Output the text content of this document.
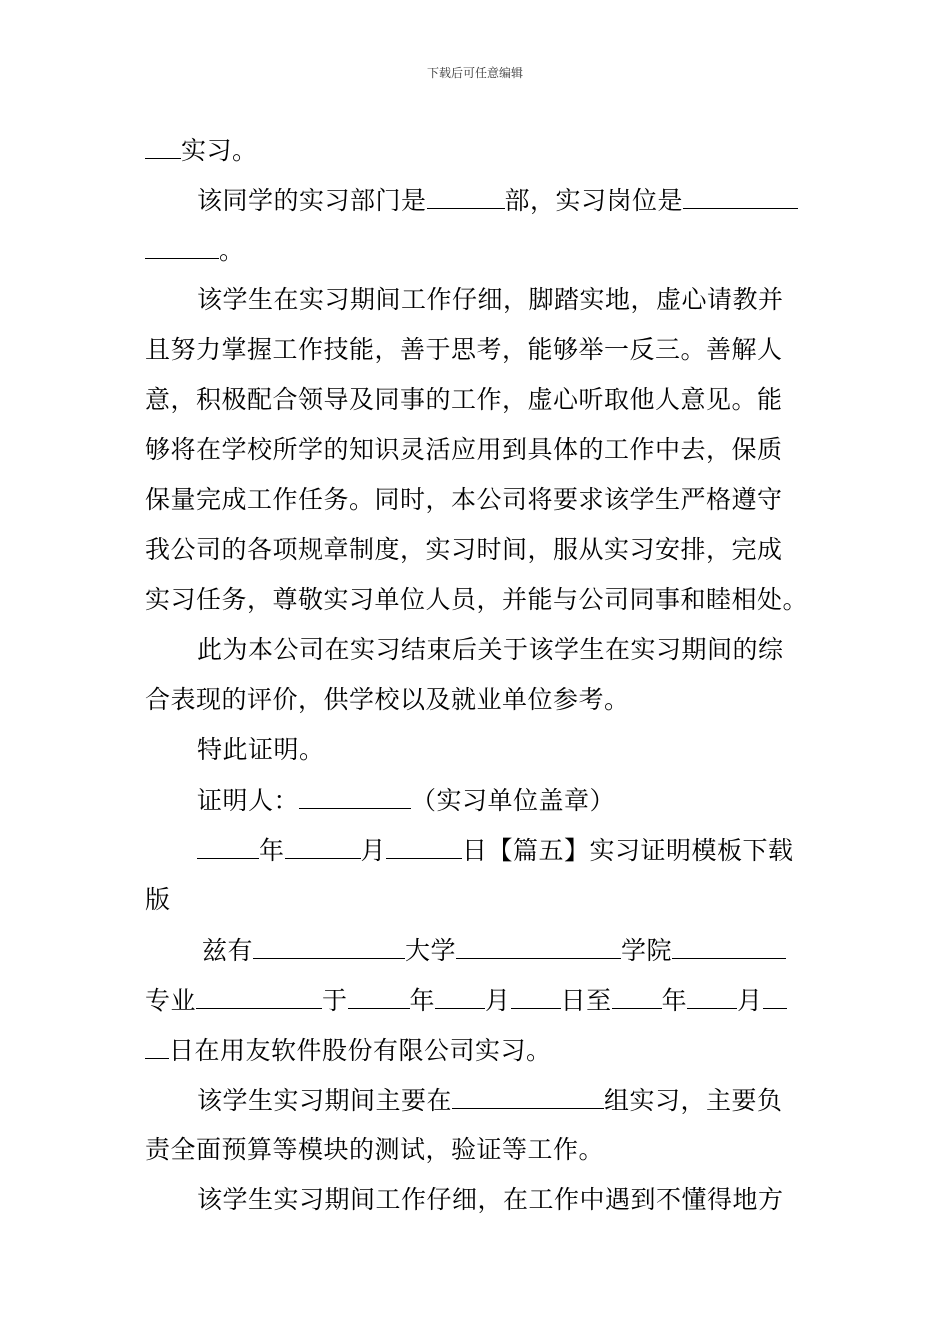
下载后可任意编辑
实习。
该同学的实习部门是	部，实习岗位是
。
该学生在实习期间工作仔细，脚踏实地，虚心请教并
且努力掌握工作技能，善于思考，能够举一反三。善解人
意，积极配合领导及同事的工作，虚心听取他人意见。能
够将在学校所学的知识灵活应用到具体的工作中去，保质
保量完成工作任务。同时，本公司将要求该学生严格遵守
我公司的各项规章制度，实习时间，服从实习安排，完成
实习任务，尊敬实习单位人员，并能与公司同事和睦相处。
此为本公司在实习结束后关于该学生在实习期间的综
合表现的评价，供学校以及就业单位参考。
特此证明。
证明人：	（实习单位盖章）
年	月	日【篇五】实习证明模板下载
版
兹有	大学	学院
专业	于 年 月 日至 年 月
日在用友软件股份有限公司实习。
该学生实习期间主要在	组实习，主要负
责全面预算等模块的测试，验证等工作。
该学生实习期间工作仔细，在工作中遇到不懂得地方
